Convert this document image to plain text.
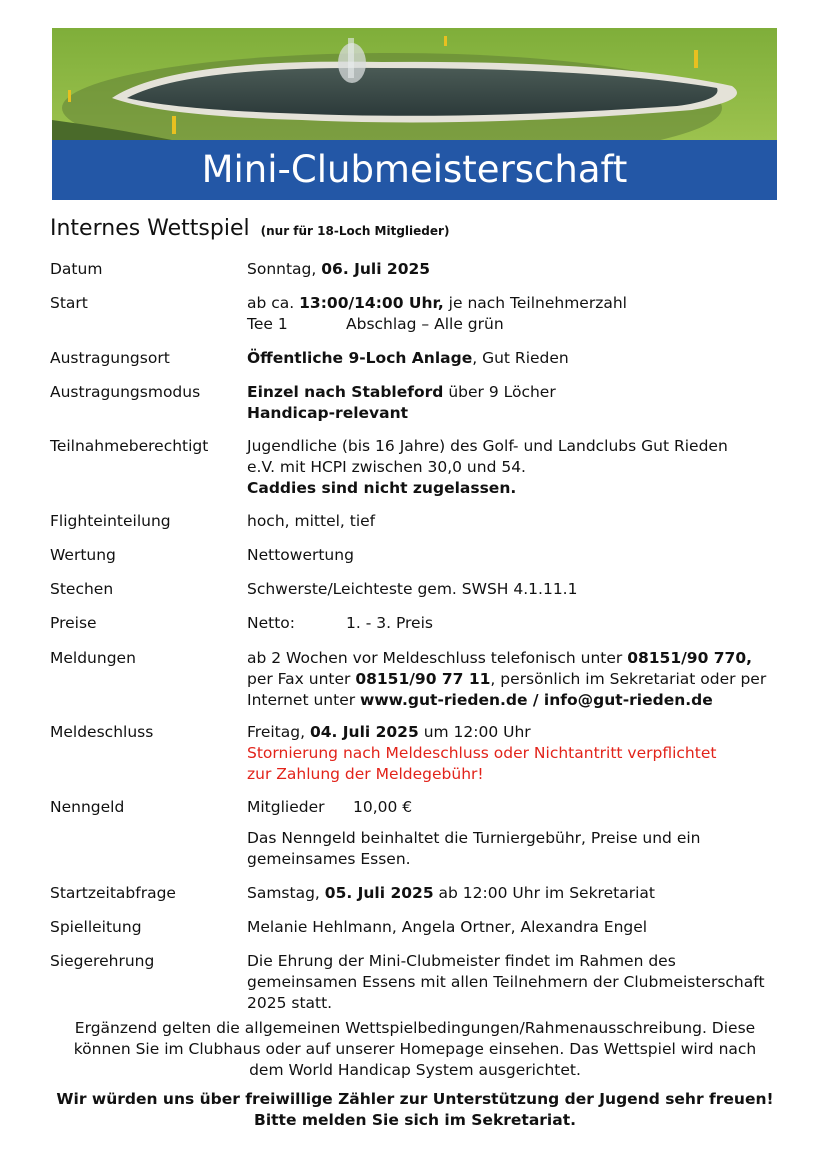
Mini-Clubmeisterschaft
Internes Wettspiel (nur für 18-Loch Mitglieder)
Datum	Sonntag, 06. Juli 2025
Start	ab ca. 13:00/14:00 Uhr, je nach Teilnehmerzahl
Tee 1	Abschlag – Alle grün
Austragungsort	Öffentliche 9-Loch Anlage, Gut Rieden
Austragungsmodus	Einzel nach Stableford über 9 Löcher
Handicap-relevant
Teilnahmeberechtigt	Jugendliche (bis 16 Jahre) des Golf- und Landclubs Gut Rieden
e.V. mit HCPI zwischen 30,0 und 54.
Caddies sind nicht zugelassen.
Flighteinteilung	hoch, mittel, tief
Wertung	Nettowertung
Stechen	Schwerste/Leichteste gem. SWSH 4.1.11.1
Preise	Netto:	1. - 3. Preis
Meldungen	ab 2 Wochen vor Meldeschluss telefonisch unter 08151/90 770,
per Fax unter 08151/90 77 11, persönlich im Sekretariat oder per
Internet unter www.gut-rieden.de / info@gut-rieden.de
Meldeschluss	Freitag, 04. Juli 2025 um 12:00 Uhr
Stornierung nach Meldeschluss oder Nichtantritt verpflichtet
zur Zahlung der Meldegebühr!
Nenngeld	Mitglieder 10,00 €
Das Nenngeld beinhaltet die Turniergebühr, Preise und ein
gemeinsames Essen.
Startzeitabfrage	Samstag, 05. Juli 2025 ab 12:00 Uhr im Sekretariat
Spielleitung	Melanie Hehlmann, Angela Ortner, Alexandra Engel
Siegerehrung	Die Ehrung der Mini-Clubmeister findet im Rahmen des
gemeinsamen Essens mit allen Teilnehmern der Clubmeisterschaft
2025 statt.
Ergänzend gelten die allgemeinen Wettspielbedingungen/Rahmenausschreibung. Diese
können Sie im Clubhaus oder auf unserer Homepage einsehen. Das Wettspiel wird nach
dem World Handicap System ausgerichtet.
Wir würden uns über freiwillige Zähler zur Unterstützung der Jugend sehr freuen!
Bitte melden Sie sich im Sekretariat.
